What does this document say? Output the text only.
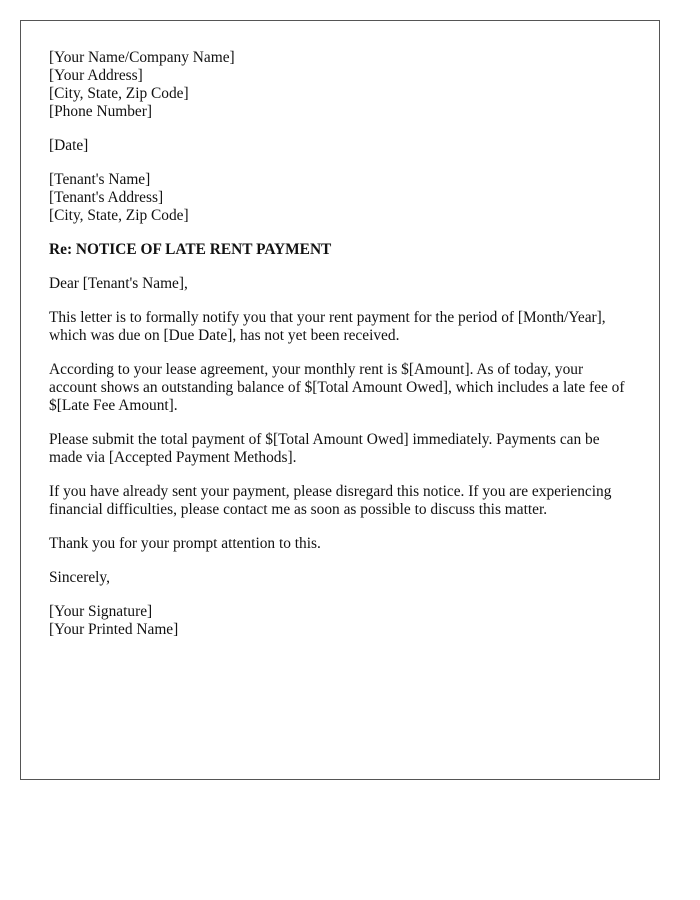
[Your Name/Company Name]
[Your Address]
[City, State, Zip Code]
[Phone Number]
[Date]
[Tenant's Name]
[Tenant's Address]
[City, State, Zip Code]
Re: NOTICE OF LATE RENT PAYMENT
Dear [Tenant's Name],
This letter is to formally notify you that your rent payment for the period of [Month/Year], which was due on [Due Date], has not yet been received.
According to your lease agreement, your monthly rent is $[Amount]. As of today, your account shows an outstanding balance of $[Total Amount Owed], which includes a late fee of $[Late Fee Amount].
Please submit the total payment of $[Total Amount Owed] immediately. Payments can be made via [Accepted Payment Methods].
If you have already sent your payment, please disregard this notice. If you are experiencing financial difficulties, please contact me as soon as possible to discuss this matter.
Thank you for your prompt attention to this.
Sincerely,
[Your Signature]
[Your Printed Name]
